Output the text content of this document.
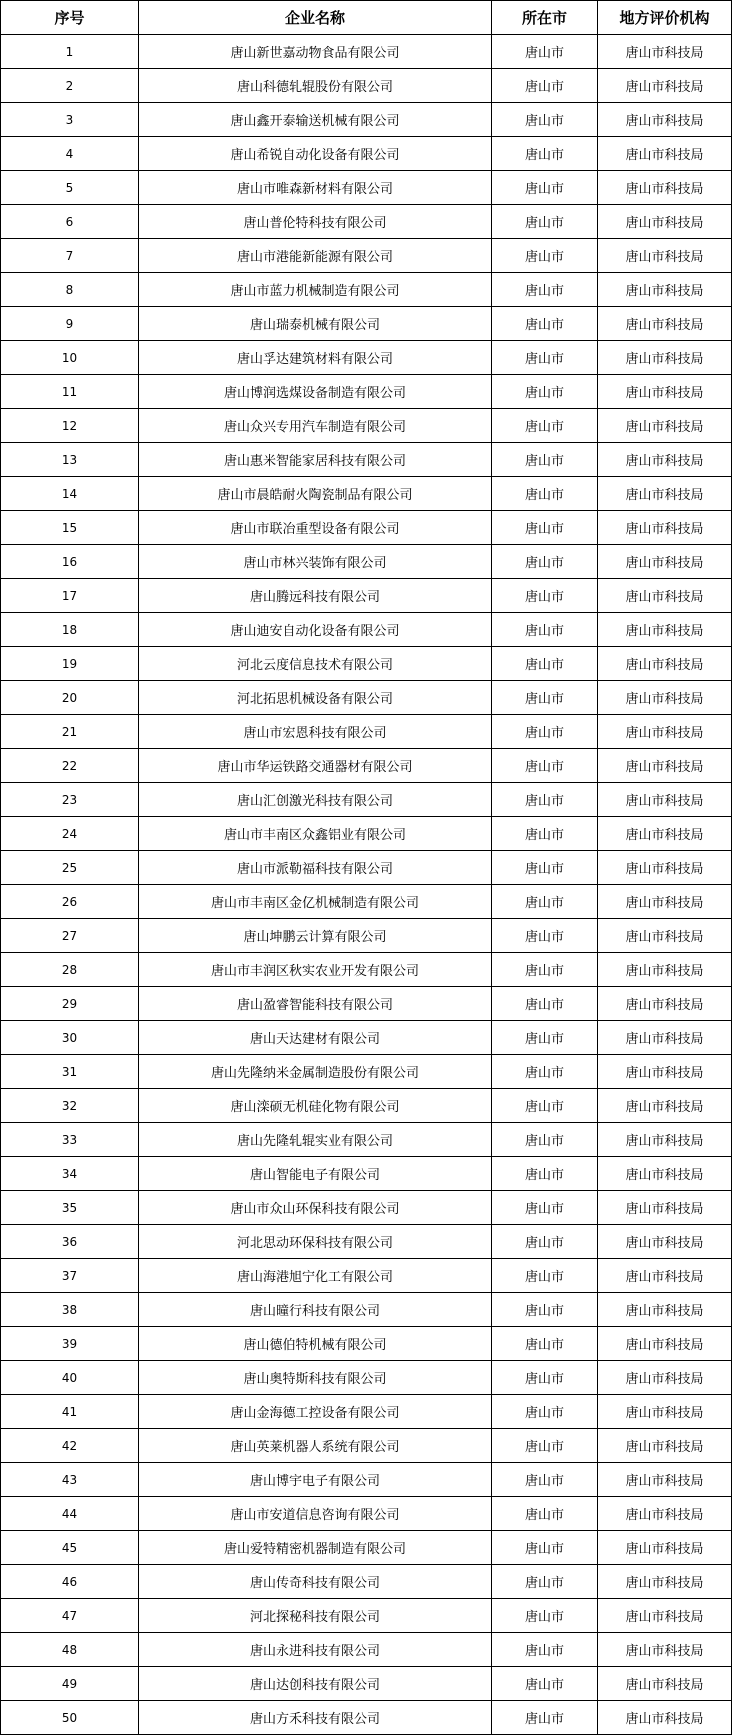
序号	企业名称	所在市	地方评价机构
1	唐山新世嘉动物食品有限公司	唐山市	唐山市科技局
2	唐山科德轧辊股份有限公司	唐山市	唐山市科技局
3	唐山鑫开泰输送机械有限公司	唐山市	唐山市科技局
4	唐山希锐自动化设备有限公司	唐山市	唐山市科技局
5	唐山市唯森新材料有限公司	唐山市	唐山市科技局
6	唐山普伦特科技有限公司	唐山市	唐山市科技局
7	唐山市港能新能源有限公司	唐山市	唐山市科技局
8	唐山市蓝力机械制造有限公司	唐山市	唐山市科技局
9	唐山瑞泰机械有限公司	唐山市	唐山市科技局
10	唐山孚达建筑材料有限公司	唐山市	唐山市科技局
11	唐山博润选煤设备制造有限公司	唐山市	唐山市科技局
12	唐山众兴专用汽车制造有限公司	唐山市	唐山市科技局
13	唐山惠米智能家居科技有限公司	唐山市	唐山市科技局
14	唐山市晨皓耐火陶瓷制品有限公司	唐山市	唐山市科技局
15	唐山市联冶重型设备有限公司	唐山市	唐山市科技局
16	唐山市林兴装饰有限公司	唐山市	唐山市科技局
17	唐山腾远科技有限公司	唐山市	唐山市科技局
18	唐山迪安自动化设备有限公司	唐山市	唐山市科技局
19	河北云度信息技术有限公司	唐山市	唐山市科技局
20	河北拓思机械设备有限公司	唐山市	唐山市科技局
21	唐山市宏恩科技有限公司	唐山市	唐山市科技局
22	唐山市华运铁路交通器材有限公司	唐山市	唐山市科技局
23	唐山汇创激光科技有限公司	唐山市	唐山市科技局
24	唐山市丰南区众鑫铝业有限公司	唐山市	唐山市科技局
25	唐山市派勒福科技有限公司	唐山市	唐山市科技局
26	唐山市丰南区金亿机械制造有限公司	唐山市	唐山市科技局
27	唐山坤鹏云计算有限公司	唐山市	唐山市科技局
28	唐山市丰润区秋实农业开发有限公司	唐山市	唐山市科技局
29	唐山盈睿智能科技有限公司	唐山市	唐山市科技局
30	唐山天达建材有限公司	唐山市	唐山市科技局
31	唐山先隆纳米金属制造股份有限公司	唐山市	唐山市科技局
32	唐山滦硕无机硅化物有限公司	唐山市	唐山市科技局
33	唐山先隆轧辊实业有限公司	唐山市	唐山市科技局
34	唐山智能电子有限公司	唐山市	唐山市科技局
35	唐山市众山环保科技有限公司	唐山市	唐山市科技局
36	河北思动环保科技有限公司	唐山市	唐山市科技局
37	唐山海港旭宁化工有限公司	唐山市	唐山市科技局
38	唐山曈行科技有限公司	唐山市	唐山市科技局
39	唐山德伯特机械有限公司	唐山市	唐山市科技局
40	唐山奥特斯科技有限公司	唐山市	唐山市科技局
41	唐山金海德工控设备有限公司	唐山市	唐山市科技局
42	唐山英莱机器人系统有限公司	唐山市	唐山市科技局
43	唐山博宇电子有限公司	唐山市	唐山市科技局
44	唐山市安道信息咨询有限公司	唐山市	唐山市科技局
45	唐山爱特精密机器制造有限公司	唐山市	唐山市科技局
46	唐山传奇科技有限公司	唐山市	唐山市科技局
47	河北探秘科技有限公司	唐山市	唐山市科技局
48	唐山永进科技有限公司	唐山市	唐山市科技局
49	唐山达创科技有限公司	唐山市	唐山市科技局
50	唐山方禾科技有限公司	唐山市	唐山市科技局
